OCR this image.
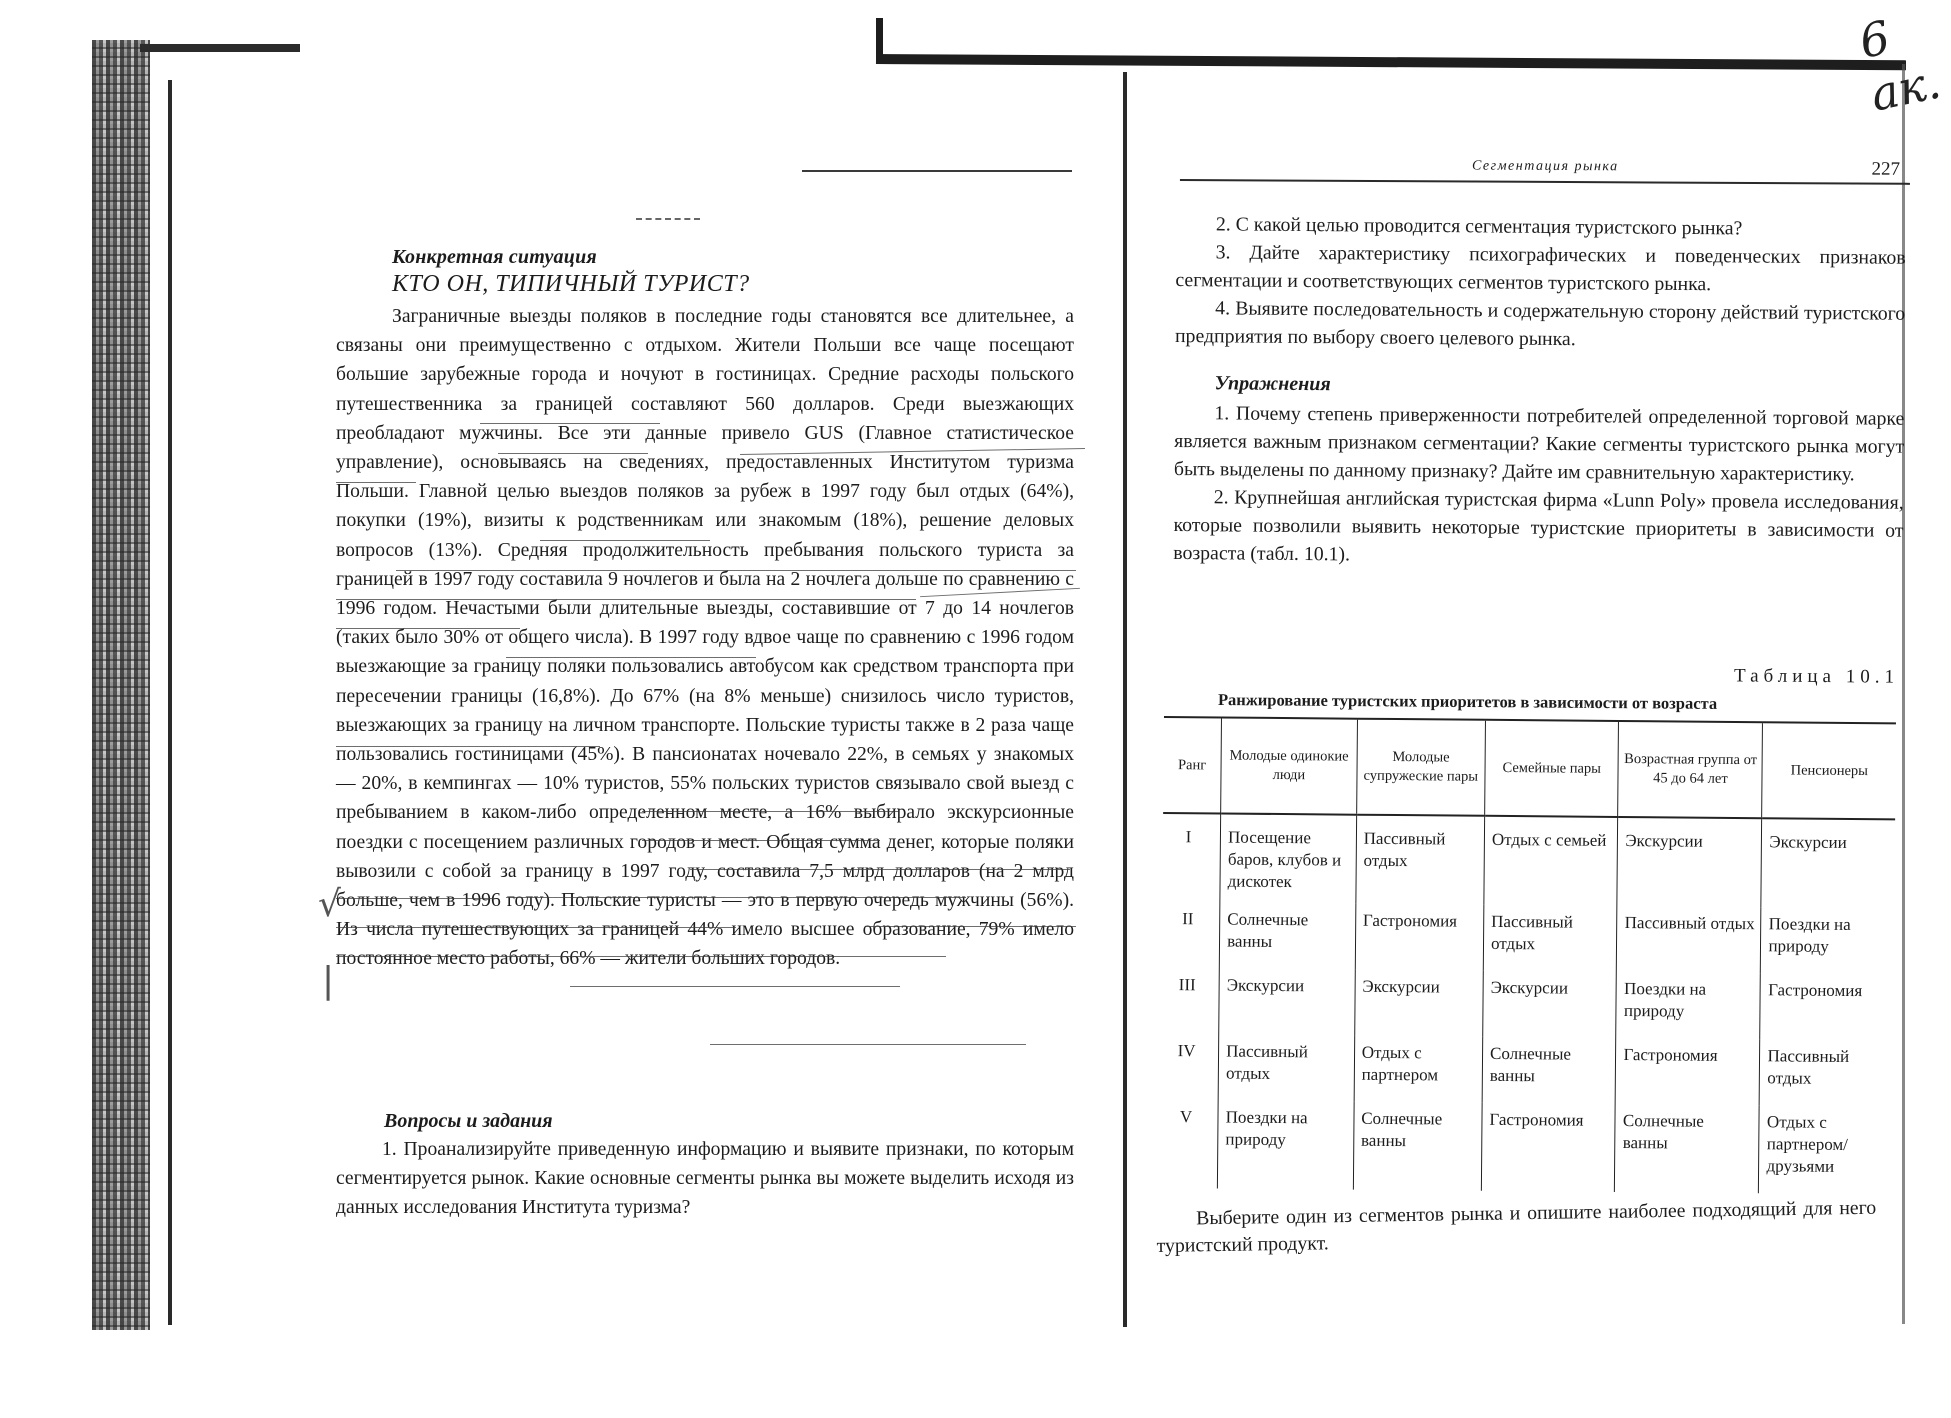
6 ак.
Конкретная ситуация
КТО ОН, ТИПИЧНЫЙ ТУРИСТ?

Заграничные выезды поляков в последние годы становятся все длительнее, а связаны они преимущественно с отдыхом. Жители Польши все чаще посещают большие зарубежные города и ночуют в гостиницах. Средние расходы польского путешественника за границей составляют 560 долларов. Среди выезжающих преобладают мужчины. Все эти данные привело GUS (Главное статистическое управление), основываясь на сведениях, предоставленных Институтом туризма Польши. Главной целью выездов поляков за рубеж в 1997 году был отдых (64%), покупки (19%), визиты к родственникам или знакомым (18%), решение деловых вопросов (13%). Средняя продолжительность пребывания польского туриста за границей в 1997 году составила 9 ночлегов и была на 2 ночлега дольше по сравнению с 1996 годом. Нечастыми были длительные выезды, составившие от 7 до 14 ночлегов (таких было 30% от общего числа). В 1997 году вдвое чаще по сравнению с 1996 годом выезжающие за границу поляки пользовались автобусом как средством транспорта при пересечении границы (16,8%). До 67% (на 8% меньше) снизилось число туристов, выезжающих за границу на личном транспорте. Польские туристы также в 2 раза чаще пользовались гостиницами (45%). В пансионатах ночевало 22%, в семьях у знакомых — 20%, в кемпингах — 10% туристов, 55% польских туристов связывало свой выезд с пребыванием в каком-либо определенном месте, а 16% выбирало экскурсионные поездки с посещением различных городов и мест. Общая сумма денег, которые поляки вывозили с собой за границу в 1997 году, составила 7,5 млрд долларов (на 2 млрд больше, чем в 1996 году). Польские туристы — это в первую очередь мужчины (56%). Из числа путешествующих за границей 44% имело высшее образование, 79% имело постоянное место работы, 66% — жители больших городов.

Вопросы и задания

1. Проанализируйте приведенную информацию и выявите признаки, по которым сегментируется рынок. Какие основные сегменты рынка вы можете выделить исходя из данных исследования Института туризма?

√
|
Сегментация рынка	227

2. С какой целью проводится сегментация туристского рынка?

3. Дайте характеристику психографических и поведенческих признаков сегментации и соответствующих сегментов туристского рынка.

4. Выявите последовательность и содержательную сторону действий туристского предприятия по выбору своего целевого рынка.

Упражнения

1. Почему степень приверженности потребителей определенной торговой марке является важным признаком сегментации? Какие сегменты туристского рынка могут быть выделены по данному признаку? Дайте им сравнительную характеристику.

2. Крупнейшая английская туристская фирма «Lunn Poly» провела исследования, которые позволили выявить некоторые туристские приоритеты в зависимости от возраста (табл. 10.1).

Таблица 10.1
Ранжирование туристских приоритетов в зависимости от возраста
Ранг	Молодые одинокие люди	Молодые супружеские пары	Семейные пары	Возрастная группа от 45 до 64 лет	Пенсионеры
I	Посещение баров, клубов и дискотек	Пассивный отдых	Отдых с семьей	Экскурсии	Экскурсии
II	Солнечные ванны	Гастрономия	Пассивный отдых	Пассивный отдых	Поездки на природу
III	Экскурсии	Экскурсии	Экскурсии	Поездки на природу	Гастрономия
IV	Пассивный отдых	Отдых с партнером	Солнечные ванны	Гастрономия	Пассивный отдых
V	Поездки на природу	Солнечные ванны	Гастрономия	Солнечные ванны	Отдых с партнером/ друзьями

Выберите один из сегментов рынка и опишите наиболее подходящий для него туристский продукт.
